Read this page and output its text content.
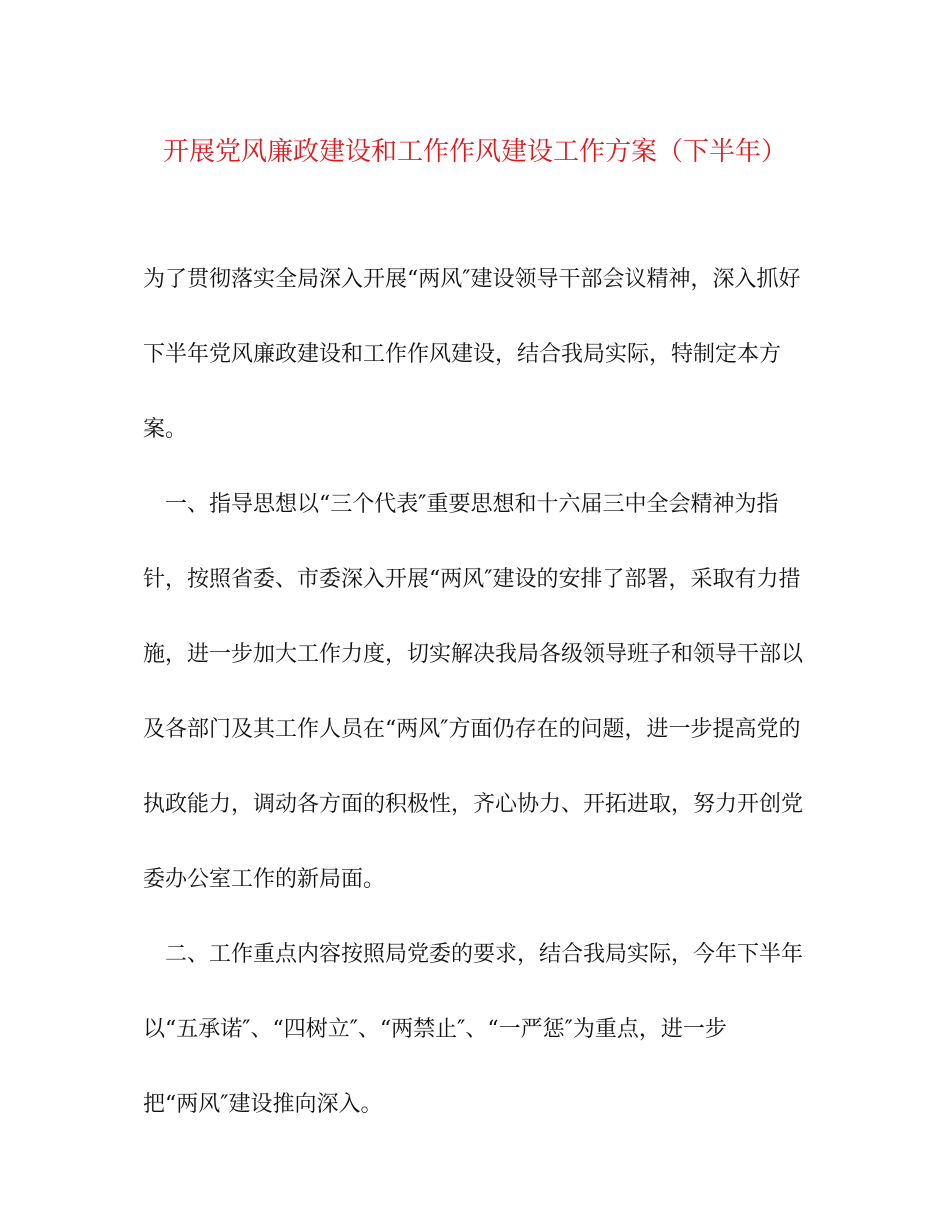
开展党风廉政建设和工作作风建设工作方案（下半年）

为了贯彻落实全局深入开展“两风″建设领导干部会议精神，深入抓好

下半年党风廉政建设和工作作风建设，结合我局实际，特制定本方

案。

　一、指导思想以“三个代表″重要思想和十六届三中全会精神为指

针，按照省委、市委深入开展“两风″建设的安排了部署，采取有力措

施，进一步加大工作力度，切实解决我局各级领导班子和领导干部以

及各部门及其工作人员在“两风″方面仍存在的问题，进一步提高党的

执政能力，调动各方面的积极性，齐心协力、开拓进取，努力开创党

委办公室工作的新局面。

　二、工作重点内容按照局党委的要求，结合我局实际，今年下半年

以“五承诺″、“四树立″、“两禁止″、“一严惩″为重点，进一步

把“两风″建设推向深入。
